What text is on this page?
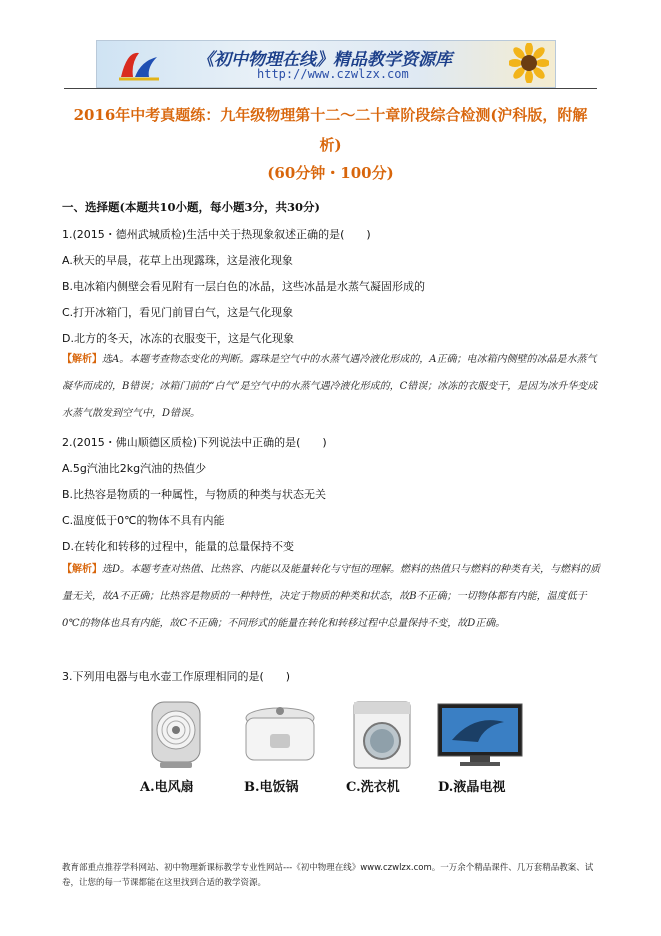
《初中物理在线》精品教学资源库
http://www.czwlzx.com
2016年中考真题练：九年级物理第十二～二十章阶段综合检测(沪科版，附解析)
(60分钟・100分)
一、选择题(本题共10小题，每小题3分，共30分)
1.(2015・德州武城质检)生活中关于热现象叙述正确的是(　　)
A.秋天的早晨，花草上出现露珠，这是液化现象
B.电冰箱内侧壁会看见附有一层白色的冰晶，这些冰晶是水蒸气凝固形成的
C.打开冰箱门，看见门前冒白气，这是气化现象
D.北方的冬天，冰冻的衣服变干，这是气化现象
【解析】选A。本题考查物态变化的判断。露珠是空气中的水蒸气遇冷液化形成的，A正确；电冰箱内侧壁的冰晶是水蒸气凝华而成的，B错误；冰箱门前的“白气”是空气中的水蒸气遇冷液化形成的，C错误；冰冻的衣服变干，是因为冰升华变成水蒸气散发到空气中，D错误。
2.(2015・佛山顺德区质检)下列说法中正确的是(　　)
A.5g汽油比2kg汽油的热值少
B.比热容是物质的一种属性，与物质的种类与状态无关
C.温度低于0℃的物体不具有内能
D.在转化和转移的过程中，能量的总量保持不变
【解析】选D。本题考查对热值、比热容、内能以及能量转化与守恒的理解。燃料的热值只与燃料的种类有关，与燃料的质量无关，故A不正确；比热容是物质的一种特性，决定于物质的种类和状态，故B不正确；一切物体都有内能，温度低于0℃的物体也具有内能，故C不正确；不同形式的能量在转化和转移过程中总量保持不变，故D正确。
3.下列用电器与电水壶工作原理相同的是(　　)
A.电风扇	B.电饭锅	C.洗衣机	D.液晶电视
教育部重点推荐学科网站、初中物理新课标教学专业性网站---《初中物理在线》www.czwlzx.com。一万余个精品课件、几万套精品教案、试卷，让您的每一节课都能在这里找到合适的教学资源。
